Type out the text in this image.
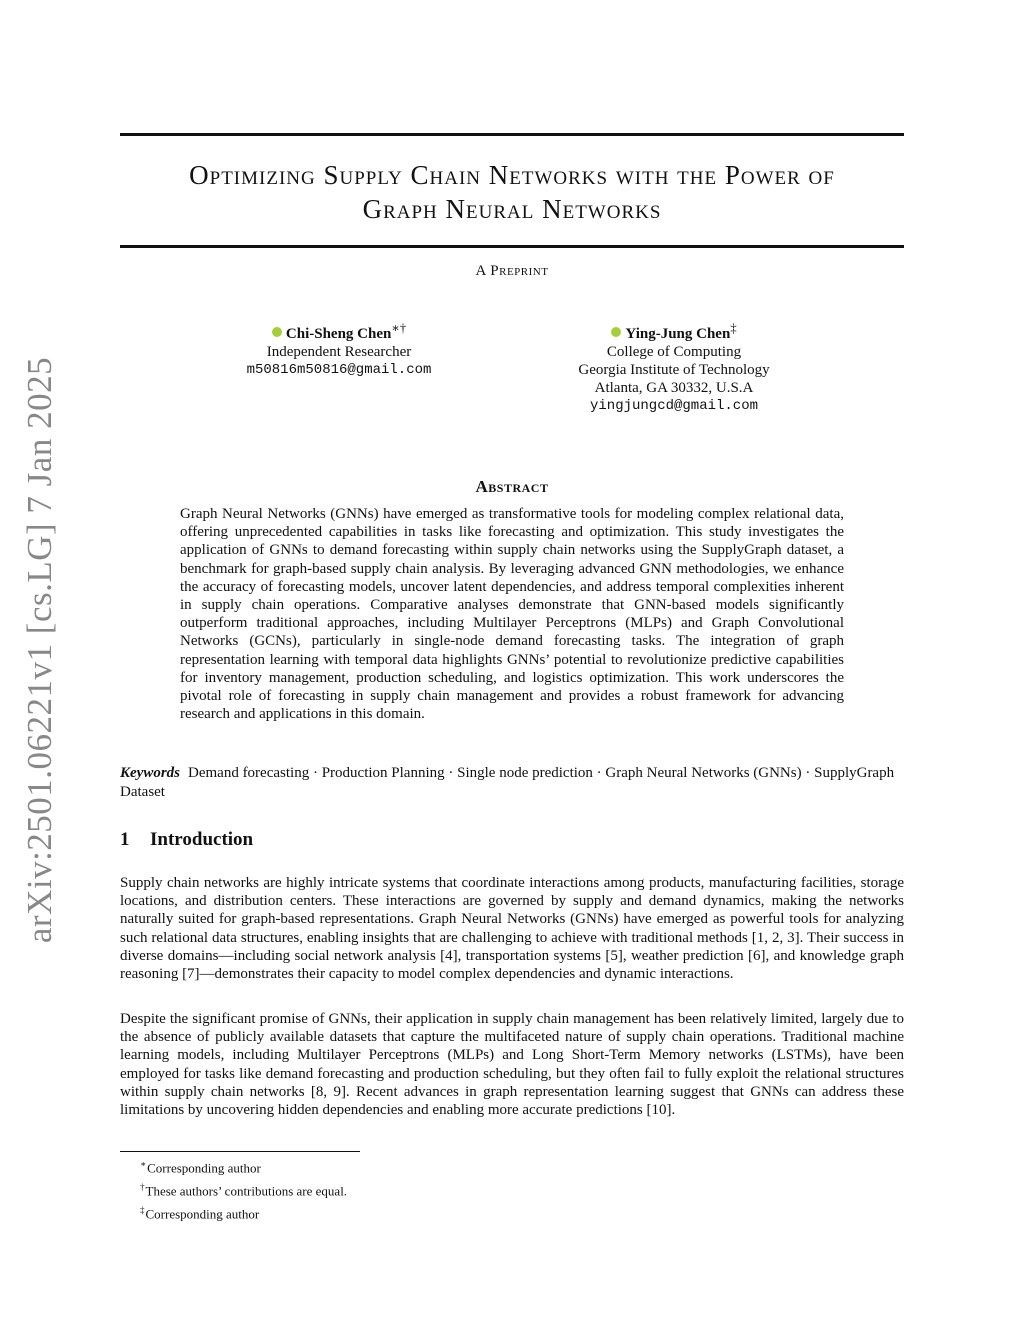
arXiv:2501.06221v1 [cs.LG] 7 Jan 2025
Optimizing Supply Chain Networks with the Power of
Graph Neural Networks
A Preprint
Chi-Sheng Chen∗†
Independent Researcher
m50816m50816@gmail.com
Ying-Jung Chen‡
College of Computing
Georgia Institute of Technology
Atlanta, GA 30332, U.S.A
yingjungcd@gmail.com
Abstract
Graph Neural Networks (GNNs) have emerged as transformative tools for modeling complex relational data, offering unprecedented capabilities in tasks like forecasting and optimization. This study investigates the application of GNNs to demand forecasting within supply chain networks using the SupplyGraph dataset, a benchmark for graph-based supply chain analysis. By leveraging advanced GNN methodologies, we enhance the accuracy of forecasting models, uncover latent dependencies, and address temporal complexities inherent in supply chain operations. Comparative analyses demonstrate that GNN-based models significantly outperform traditional approaches, including Multilayer Perceptrons (MLPs) and Graph Convolutional Networks (GCNs), particularly in single-node demand forecasting tasks. The integration of graph representation learning with temporal data highlights GNNs’ potential to revolutionize predictive capabilities for inventory management, production scheduling, and logistics optimization. This work underscores the pivotal role of forecasting in supply chain management and provides a robust framework for advancing research and applications in this domain.
Keywords Demand forecasting · Production Planning · Single node prediction · Graph Neural Networks (GNNs) · SupplyGraph Dataset
1 Introduction
Supply chain networks are highly intricate systems that coordinate interactions among products, manufacturing facilities, storage locations, and distribution centers. These interactions are governed by supply and demand dynamics, making the networks naturally suited for graph-based representations. Graph Neural Networks (GNNs) have emerged as powerful tools for analyzing such relational data structures, enabling insights that are challenging to achieve with traditional methods [1, 2, 3]. Their success in diverse domains—including social network analysis [4], transportation systems [5], weather prediction [6], and knowledge graph reasoning [7]—demonstrates their capacity to model complex dependencies and dynamic interactions.
Despite the significant promise of GNNs, their application in supply chain management has been relatively limited, largely due to the absence of publicly available datasets that capture the multifaceted nature of supply chain operations. Traditional machine learning models, including Multilayer Perceptrons (MLPs) and Long Short-Term Memory networks (LSTMs), have been employed for tasks like demand forecasting and production scheduling, but they often fail to fully exploit the relational structures within supply chain networks [8, 9]. Recent advances in graph representation learning suggest that GNNs can address these limitations by uncovering hidden dependencies and enabling more accurate predictions [10].
∗Corresponding author
†These authors’ contributions are equal.
‡Corresponding author
